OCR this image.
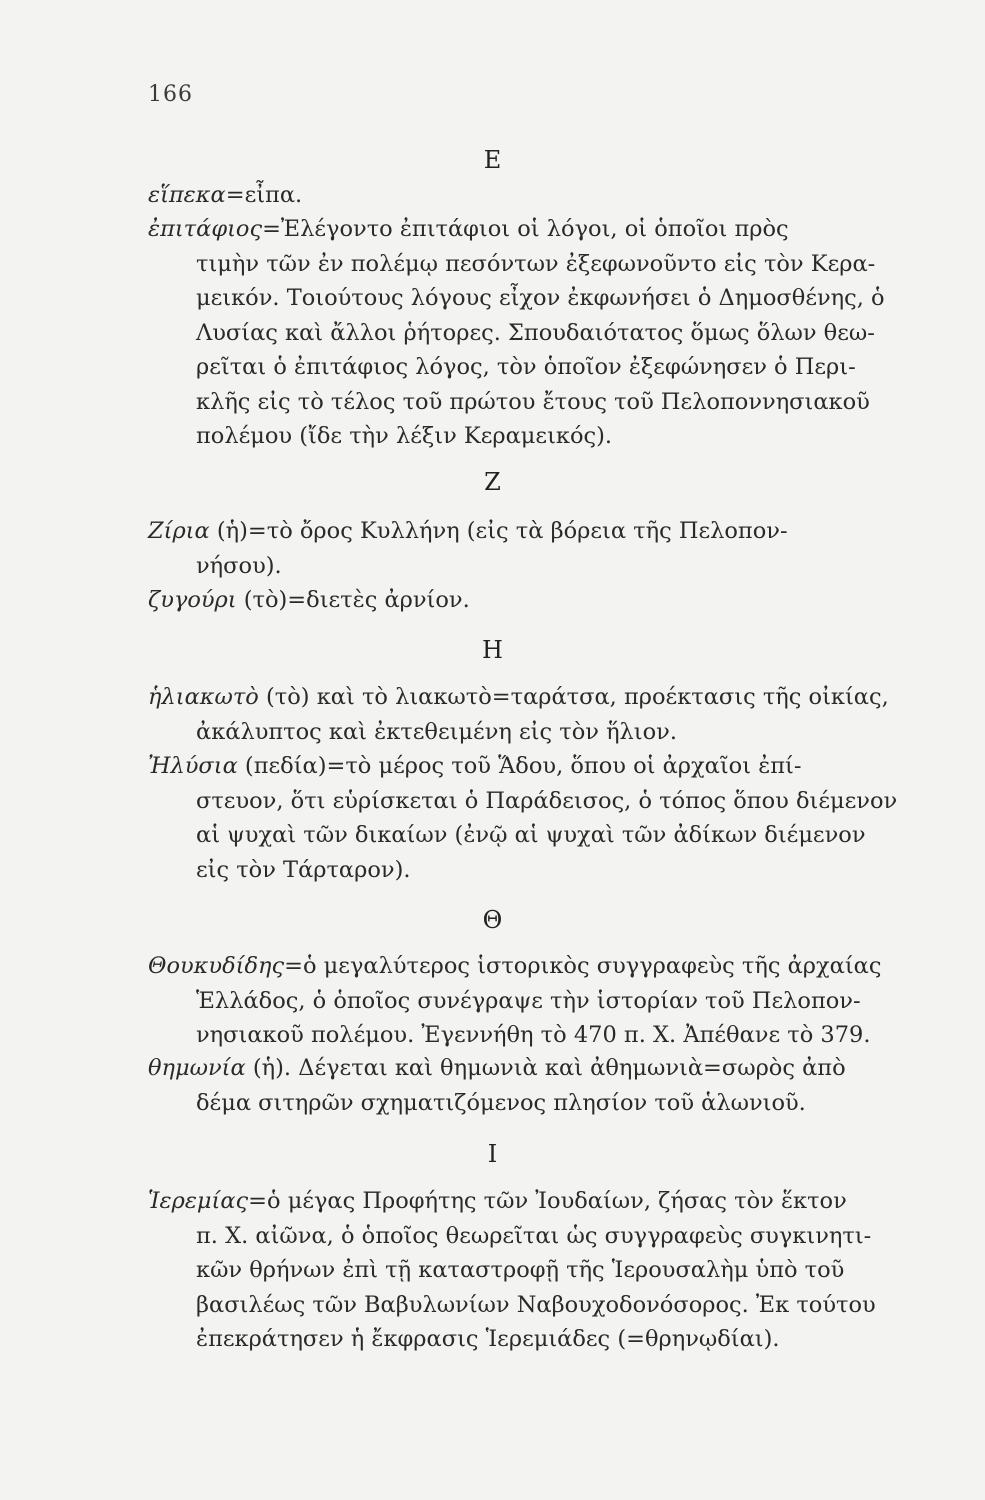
166
E
εἵπεκα=εἶπα.
ἐπιτάφιος=Ἐλέγοντο ἐπιτάφιοι οἱ λόγοι, οἱ ὁποῖοι πρὸς
τιμὴν τῶν ἐν πολέμῳ πεσόντων ἐξεφωνοῦντο εἰς τὸν Κερα-
μεικόν. Τοιούτους λόγους εἶχον ἐκφωνήσει ὁ Δημοσθένης, ὁ
Λυσίας καὶ ἄλλοι ῥήτορες. Σπουδαιότατος ὅμως ὅλων θεω-
ρεῖται ὁ ἐπιτάφιος λόγος, τὸν ὁποῖον ἐξεφώνησεν ὁ Περι-
κλῆς εἰς τὸ τέλος τοῦ πρώτου ἔτους τοῦ Πελοποννησιακοῦ
πολέμου (ἴδε τὴν λέξιν Κεραμεικός).
Z
Ζίρια (ἡ)=τὸ ὄρος Κυλλήνη (εἰς τὰ βόρεια τῆς Πελοπον-
νήσου).
ζυγούρι (τὸ)=διετὲς ἀρνίον.
H
ἡλιακωτὸ (τὸ) καὶ τὸ λιακωτὸ=ταράτσα, προέκτασις τῆς οἰκίας,
ἀκάλυπτος καὶ ἐκτεθειμένη εἰς τὸν ἥλιον.
Ἠλύσια (πεδία)=τὸ μέρος τοῦ Ἅδου, ὅπου οἱ ἀρχαῖοι ἐπί-
στευον, ὅτι εὑρίσκεται ὁ Παράδεισος, ὁ τόπος ὅπου διέμενον
αἱ ψυχαὶ τῶν δικαίων (ἐνῷ αἱ ψυχαὶ τῶν ἀδίκων διέμενον
εἰς τὸν Τάρταρον).
Θ
Θουκυδίδης=ὁ μεγαλύτερος ἱστορικὸς συγγραφεὺς τῆς ἀρχαίας
Ἑλλάδος, ὁ ὁποῖος συνέγραψε τὴν ἱστορίαν τοῦ Πελοπον-
νησιακοῦ πολέμου. Ἐγεννήθη τὸ 470 π. Χ. Ἀπέθανε τὸ 379.
θημωνία (ἡ). Δέγεται καὶ θημωνιὰ καὶ ἀθημωνιὰ=σωρὸς ἀπὸ
δέμα σιτηρῶν σχηματιζόμενος πλησίον τοῦ ἁλωνιοῦ.
I
Ἱερεμίας=ὁ μέγας Προφήτης τῶν Ἰουδαίων, ζήσας τὸν ἕκτον
π. Χ. αἰῶνα, ὁ ὁποῖος θεωρεῖται ὡς συγγραφεὺς συγκινητι-
κῶν θρήνων ἐπὶ τῇ καταστροφῇ τῆς Ἱερουσαλὴμ ὑπὸ τοῦ
βασιλέως τῶν Βαβυλωνίων Ναβουχοδονόσορος. Ἐκ τούτου
ἐπεκράτησεν ἡ ἔκφρασις Ἱερεμιάδες (=θρηνῳδίαι).
